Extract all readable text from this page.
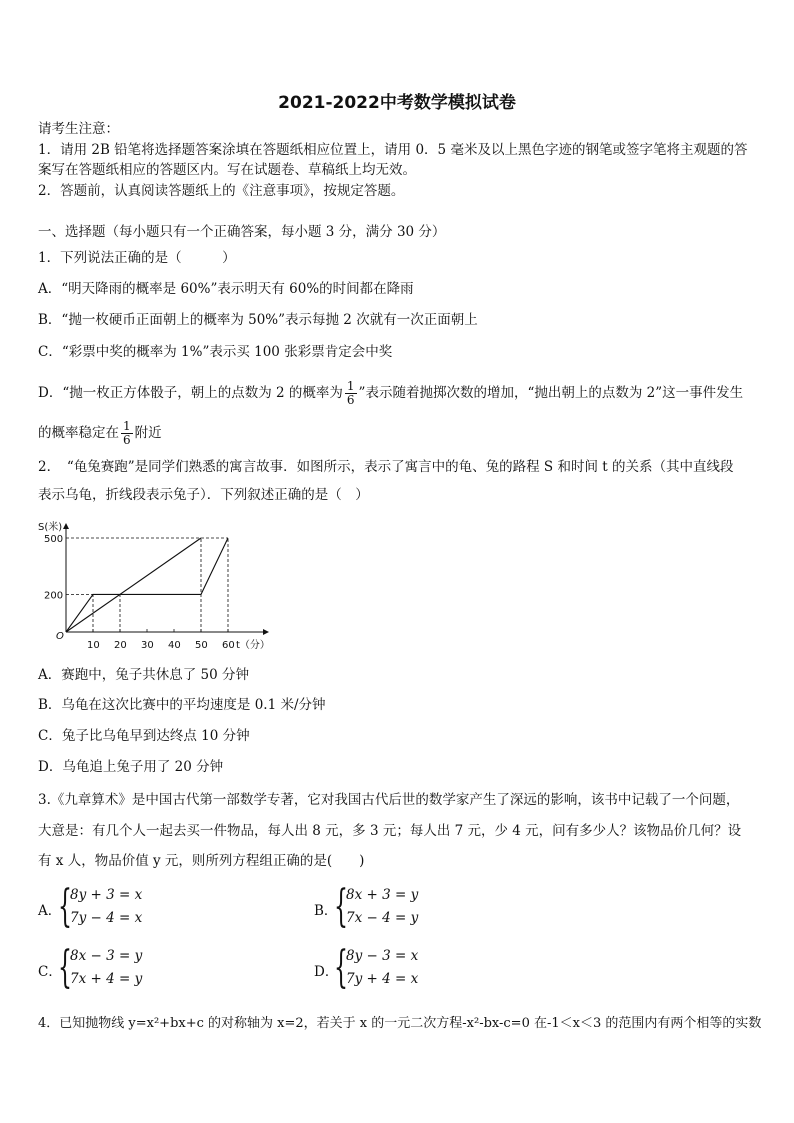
2021-2022中考数学模拟试卷
请考生注意：
1．请用 2B 铅笔将选择题答案涂填在答题纸相应位置上，请用 0．5 毫米及以上黑色字迹的钢笔或签字笔将主观题的答
案写在答题纸相应的答题区内。写在试题卷、草稿纸上均无效。
2．答题前，认真阅读答题纸上的《注意事项》，按规定答题。
一、选择题（每小题只有一个正确答案，每小题 3 分，满分 30 分）
1．下列说法正确的是（　　　）
A．“明天降雨的概率是 60%”表示明天有 60%的时间都在降雨
B．“抛一枚硬币正面朝上的概率为 50%”表示每抛 2 次就有一次正面朝上
C．“彩票中奖的概率为 1%”表示买 100 张彩票肯定会中奖
D．“抛一枚正方体骰子，朝上的点数为 2 的概率为 $\frac{1}{6}$ ”表示随着抛掷次数的增加，“抛出朝上的点数为 2”这一事件发生
的概率稳定在 $\frac{1}{6}$ 附近
2．　“龟兔赛跑”是同学们熟悉的寓言故事．如图所示，表示了寓言中的龟、兔的路程 S 和时间 t 的关系（其中直线段
表示乌龟，折线段表示兔子）．下列叙述正确的是（　）
S(米)
t（分）
O
500
200
10 20 30 40 50 60
A．赛跑中，兔子共休息了 50 分钟
B．乌龟在这次比赛中的平均速度是 0.1 米/分钟
C．兔子比乌龟早到达终点 10 分钟
D．乌龟追上兔子用了 20 分钟
3.《九章算术》是中国古代第一部数学专著，它对我国古代后世的数学家产生了深远的影响，该书中记载了一个问题，
大意是：有几个人一起去买一件物品，每人出 8 元，多 3 元；每人出 7 元，少 4 元，问有多少人？该物品价几何？设
有 x 人，物品价值 y 元，则所列方程组正确的是(　　)
A．
{
8y + 3 = x
7y − 4 = x	B．
{
8x + 3 = y
7x − 4 = y
C．
{
8x − 3 = y
7x + 4 = y	D．
{
8y − 3 = x
7y + 4 = x
4．已知抛物线 y=x²+bx+c 的对称轴为 x=2，若关于 x 的一元二次方程-x²-bx-c=0 在-1＜x＜3 的范围内有两个相等的实数
